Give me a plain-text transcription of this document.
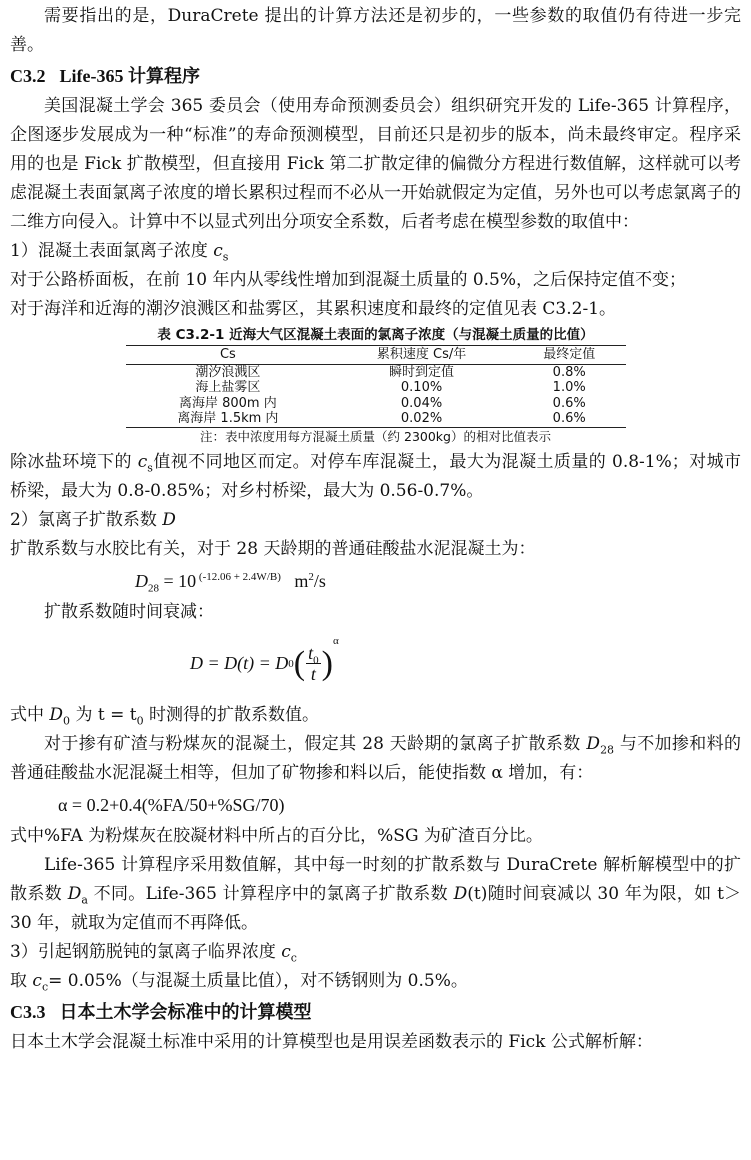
需要指出的是，DuraCrete 提出的计算方法还是初步的，一些参数的取值仍有待进一步完善。

C3.2 Life-365 计算程序

美国混凝土学会 365 委员会（使用寿命预测委员会）组织研究开发的 Life-365 计算程序，企图逐步发展成为一种“标准”的寿命预测模型，目前还只是初步的版本，尚未最终审定。程序采用的也是 Fick 扩散模型，但直接用 Fick 第二扩散定律的偏微分方程进行数值解，这样就可以考虑混凝土表面氯离子浓度的增长累积过程而不必从一开始就假定为定值，另外也可以考虑氯离子的二维方向侵入。计算中不以显式列出分项安全系数，后者考虑在模型参数的取值中：

1）混凝土表面氯离子浓度 $c_s$

对于公路桥面板，在前 10 年内从零线性增加到混凝土质量的 0.5%，之后保持定值不变；

对于海洋和近海的潮汐浪溅区和盐雾区，其累积速度和最终的定值见表 C3.2-1。

表 C3.2-1 近海大气区混凝土表面的氯离子浓度（与混凝土质量的比值）
Cs	累积速度 Cs/年	最终定值
潮汐浪溅区	瞬时到定值	0.8%
海上盐雾区	0.10%	1.0%
离海岸 800m 内	0.04%	0.6%
离海岸 1.5km 内	0.02%	0.6%
注：表中浓度用每方混凝土质量（约 2300kg）的相对比值表示

除冰盐环境下的 $c_s$值视不同地区而定。对停车库混凝土，最大为混凝土质量的 0.8-1%；对城市桥梁，最大为 0.8-0.85%；对乡村桥梁，最大为 0.56-0.7%。

2）氯离子扩散系数 D

扩散系数与水胶比有关，对于 28 天龄期的普通硅酸盐水泥混凝土为：

$D_{28} = 10$ $^{(-12.06 + 2.4W/B)}$ $m^2/s$

扩散系数随时间衰减：

D = D(t) = D 0 ( $\frac{t_0}{t}$ )
α

式中 $D_0$ 为 $t = t_0$ 时测得的扩散系数值。

对于掺有矿渣与粉煤灰的混凝土，假定其 28 天龄期的氯离子扩散系数 $D_{28}$ 与不加掺和料的普通硅酸盐水泥混凝土相等，但加了矿物掺和料以后，能使指数 α 增加，有：

α = 0.2+0.4(%FA/50+%SG/70)

式中%FA 为粉煤灰在胶凝材料中所占的百分比，%SG 为矿渣百分比。

Life-365 计算程序采用数值解，其中每一时刻的扩散系数与 DuraCrete 解析解模型中的扩散系数 $D_a$ 不同。Life-365 计算程序中的氯离子扩散系数 D(t)随时间衰减以 30 年为限，如 t＞30 年，就取为定值而不再降低。

3）引起钢筋脱钝的氯离子临界浓度 $c_c$

取 $c_c= 0.05\%$（与混凝土质量比值），对不锈钢则为 0.5%。

C3.3 日本土木学会标准中的计算模型

日本土木学会混凝土标准中采用的计算模型也是用误差函数表示的 Fick 公式解析解：
